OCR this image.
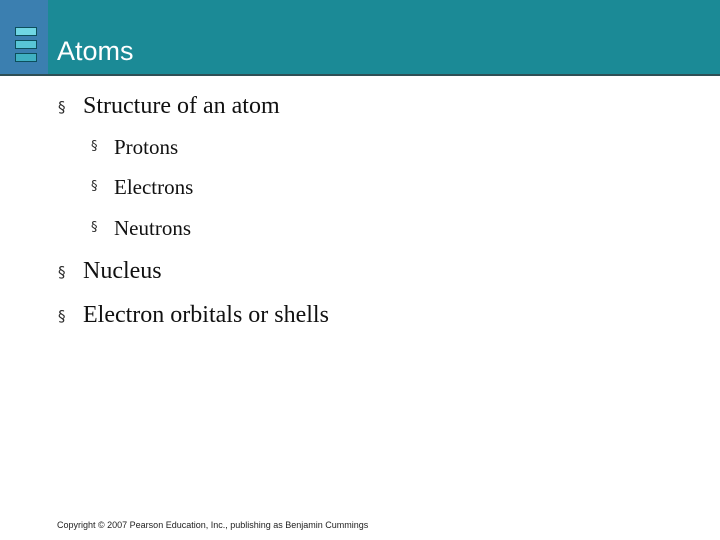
Atoms
§ Structure of an atom
§ Protons
§ Electrons
§ Neutrons
§ Nucleus
§ Electron orbitals or shells
Copyright © 2007 Pearson Education, Inc., publishing as Benjamin Cummings
